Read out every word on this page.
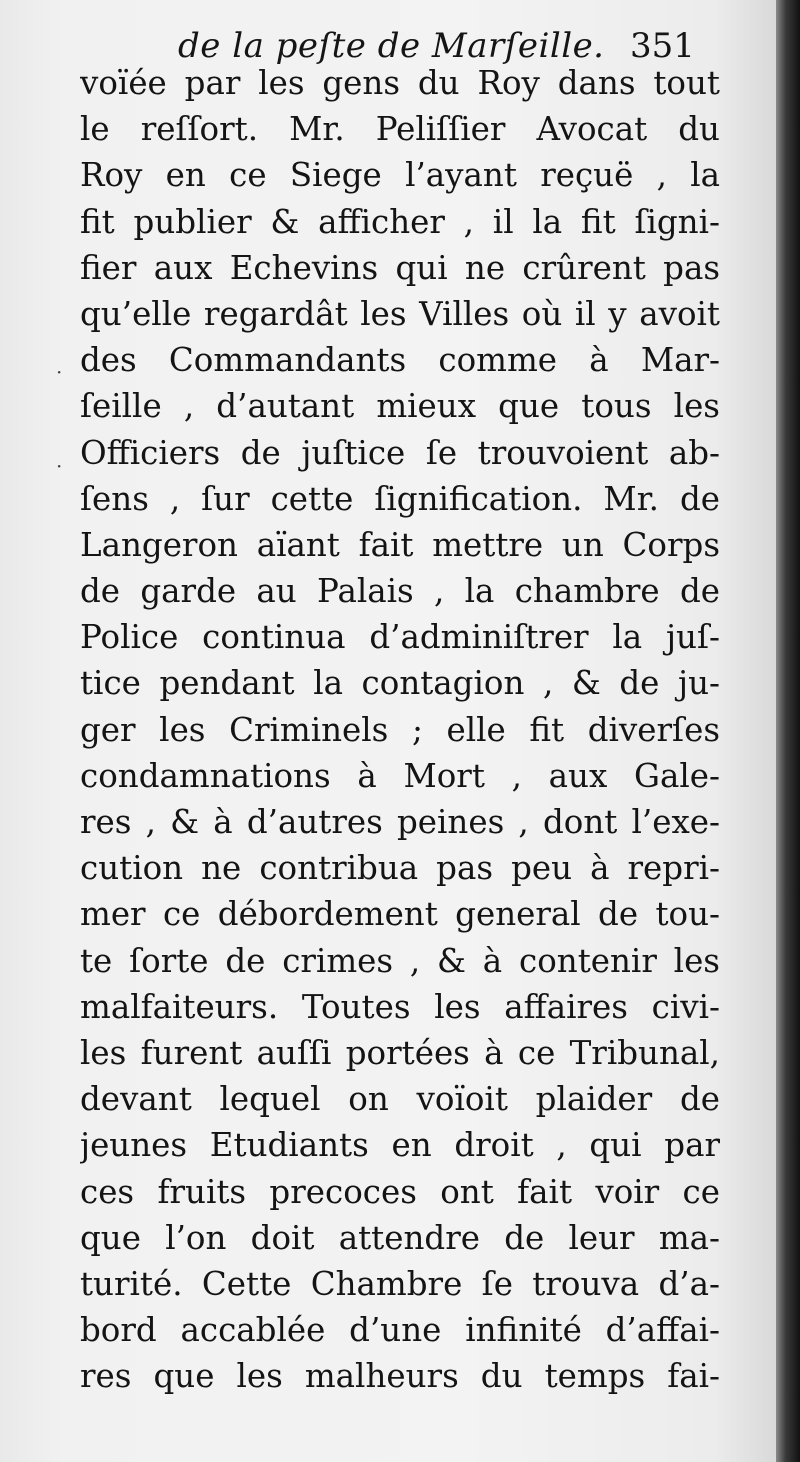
de la peſte de Marſeille. 351
voïée par les gens du Roy dans tout
le reſſort. Mr. Peliſſier Avocat du
Roy en ce Siege l’ayant reçuë , la
fit publier & afficher , il la fit ſigni-
fier aux Echevins qui ne crûrent pas
qu’elle regardât les Villes où il y avoit
des Commandants comme à Mar-
ſeille , d’autant mieux que tous les
Officiers de juſtice ſe trouvoient ab-
ſens , ſur cette ſignification. Mr. de
Langeron aïant fait mettre un Corps
de garde au Palais , la chambre de
Police continua d’adminiſtrer la juſ-
tice pendant la contagion , & de ju-
ger les Criminels ; elle fit diverſes
condamnations à Mort , aux Gale-
res , & à d’autres peines , dont l’exe-
cution ne contribua pas peu à repri-
mer ce débordement general de tou-
te ſorte de crimes , & à contenir les
malfaiteurs. Toutes les affaires civi-
les furent auſſi portées à ce Tribunal,
devant lequel on voïoit plaider de
jeunes Etudiants en droit , qui par
ces fruits precoces ont fait voir ce
que l’on doit attendre de leur ma-
turité. Cette Chambre ſe trouva d’a-
bord accablée d’une infinité d’affai-
res que les malheurs du temps fai-
·
·
